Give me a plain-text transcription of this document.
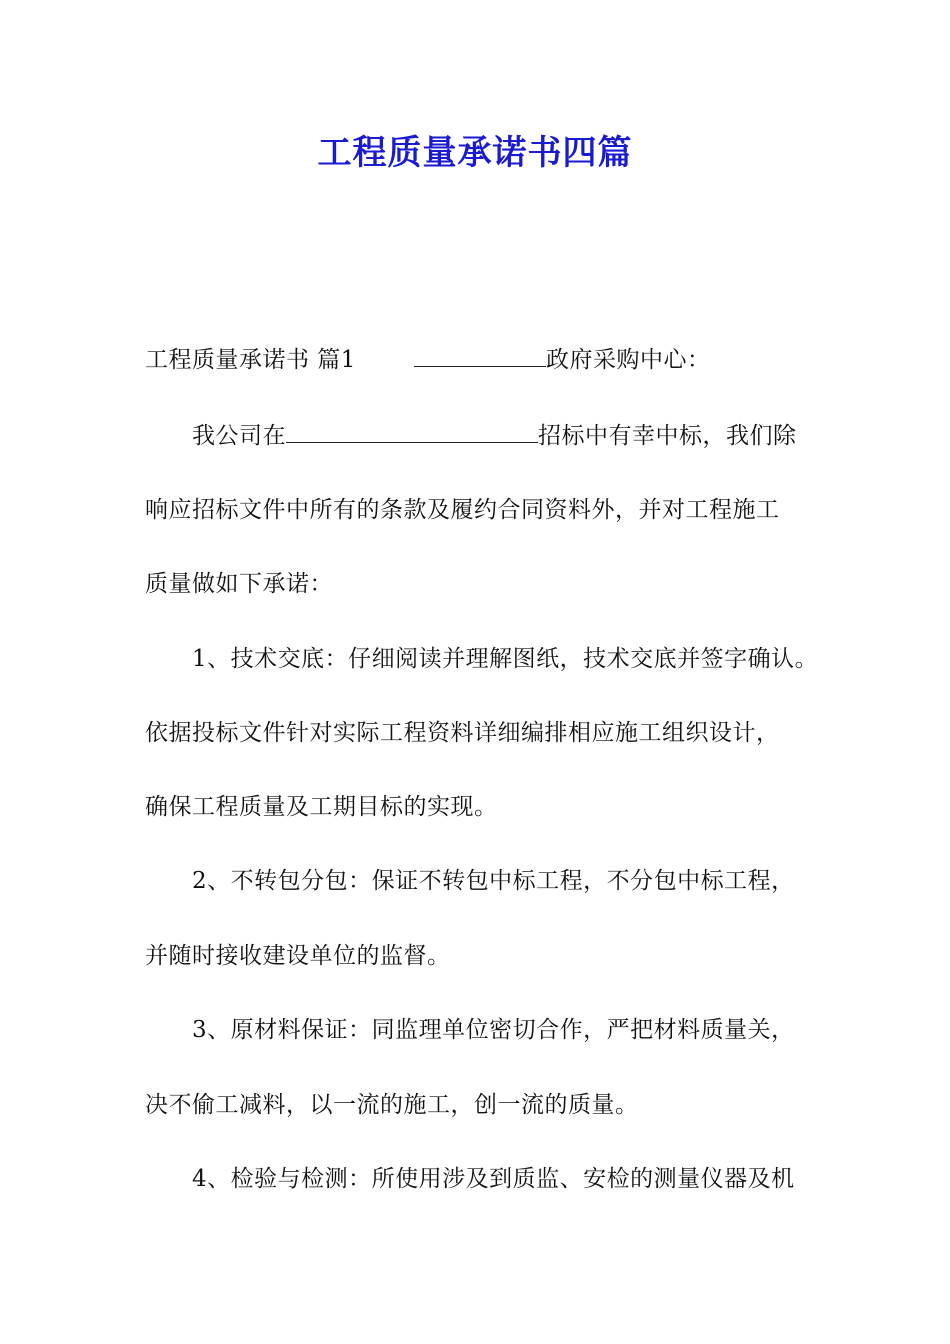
工程质量承诺书四篇
工程质量承诺书 篇1	政府采购中心：
我公司在	招标中有幸中标，我们除
响应招标文件中所有的条款及履约合同资料外，并对工程施工
质量做如下承诺：
1、技术交底：仔细阅读并理解图纸，技术交底并签字确认。
依据投标文件针对实际工程资料详细编排相应施工组织设计，
确保工程质量及工期目标的实现。
2、不转包分包：保证不转包中标工程，不分包中标工程，
并随时接收建设单位的监督。
3、原材料保证：同监理单位密切合作，严把材料质量关，
决不偷工减料，以一流的施工，创一流的质量。
4、检验与检测：所使用涉及到质监、安检的测量仪器及机
